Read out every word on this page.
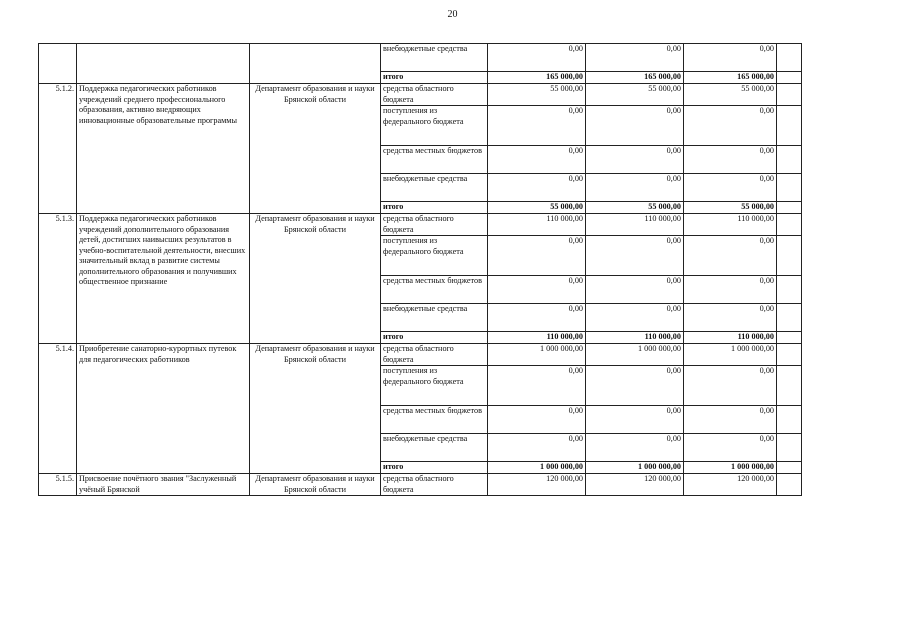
20
			внебюджетные средства	0,00	0,00	0,00	
			итого	165 000,00	165 000,00	165 000,00	
5.1.2.	Поддержка педагогических работников учреждений среднего профессионального образования, активно внедряющих инновационные образовательные программы	Департамент образования и науки Брянской области	средства областного бюджета	55 000,00	55 000,00	55 000,00	
			поступления из федерального бюджета	0,00	0,00	0,00	
			средства местных бюджетов	0,00	0,00	0,00	
			внебюджетные средства	0,00	0,00	0,00	
			итого	55 000,00	55 000,00	55 000,00	
5.1.3.	Поддержка педагогических работников учреждений дополнительного образования детей, достигших наивысших результатов в учебно-воспитательной деятельности, внесших значительный вклад в развитие системы дополнительного образования и получивших общественное признание	Департамент образования и науки Брянской области	средства областного бюджета	110 000,00	110 000,00	110 000,00	
			поступления из федерального бюджета	0,00	0,00	0,00	
			средства местных бюджетов	0,00	0,00	0,00	
			внебюджетные средства	0,00	0,00	0,00	
			итого	110 000,00	110 000,00	110 000,00	
5.1.4.	Приобретение санаторно-курортных путевок для педагогических работников	Департамент образования и науки Брянской области	средства областного бюджета	1 000 000,00	1 000 000,00	1 000 000,00	
			поступления из федерального бюджета	0,00	0,00	0,00	
			средства местных бюджетов	0,00	0,00	0,00	
			внебюджетные средства	0,00	0,00	0,00	
			итого	1 000 000,00	1 000 000,00	1 000 000,00	
5.1.5.	Присвоение почётного звания "Заслуженный учёный Брянской	Департамент образования и науки Брянской области	средства областного бюджета	120 000,00	120 000,00	120 000,00	
